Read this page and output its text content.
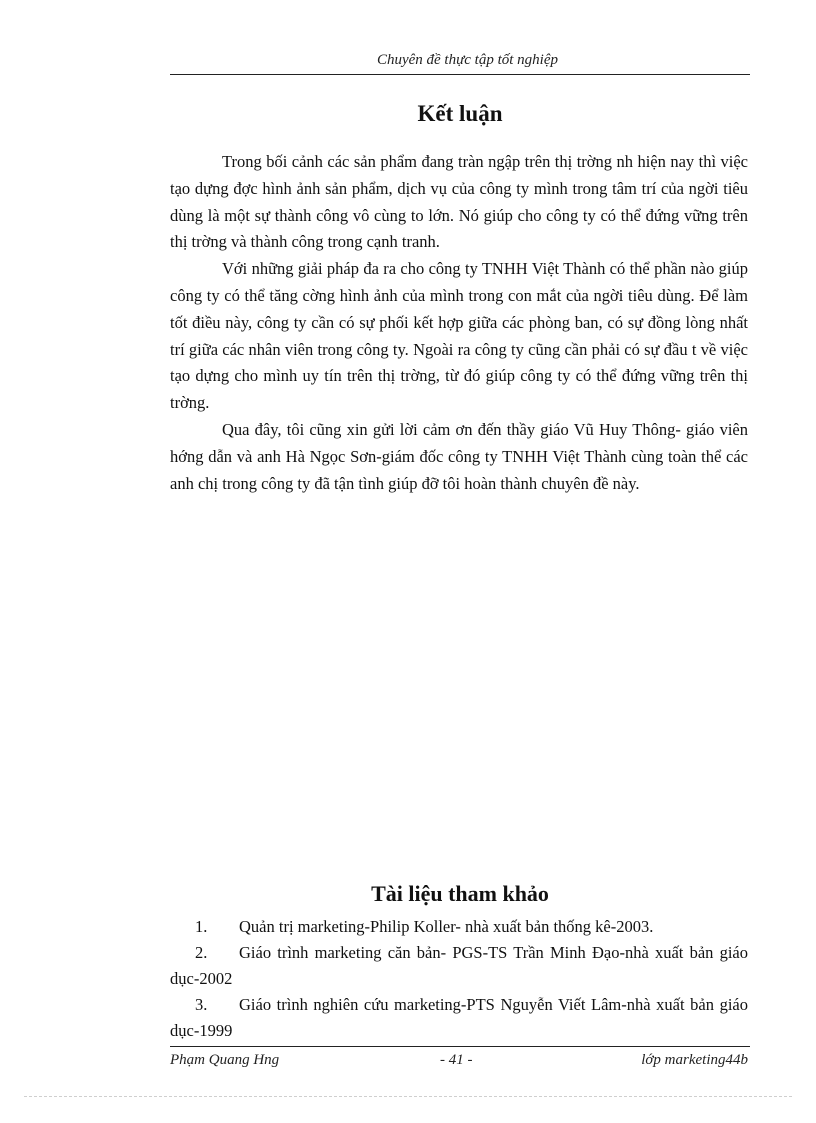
Chuyên đề thực tập tốt nghiệp
Kết luận

Trong bối cảnh các sản phẩm đang tràn ngập trên thị trờng nh hiện nay thì việc tạo dựng đợc hình ảnh sản phẩm, dịch vụ của công ty mình trong tâm trí của ngời tiêu dùng là một sự thành công vô cùng to lớn. Nó giúp cho công ty có thể đứng vững trên thị trờng và thành công trong cạnh tranh.

Với những giải pháp đa ra cho công ty TNHH Việt Thành có thể phần nào giúp công ty có thể tăng cờng hình ảnh của mình trong con mắt của ngời tiêu dùng. Để làm tốt điều này, công ty cần có sự phối kết hợp giữa các phòng ban, có sự đồng lòng nhất trí giữa các nhân viên trong công ty. Ngoài ra công ty cũng cần phải có sự đầu t về việc tạo dựng cho mình uy tín trên thị trờng, từ đó giúp công ty có thể đứng vững trên thị trờng.

Qua đây, tôi cũng xin gửi lời cảm ơn đến thầy giáo Vũ Huy Thông- giáo viên hớng dẫn và anh Hà Ngọc Sơn-giám đốc công ty TNHH Việt Thành cùng toàn thể các anh chị trong công ty đã tận tình giúp đỡ tôi hoàn thành chuyên đề này.

Tài liệu tham khảo

1. Quản trị marketing-Philip Koller- nhà xuất bản thống kê-2003.

2. Giáo trình marketing căn bản- PGS-TS Trần Minh Đạo-nhà xuất bản giáo dục-2002

3. Giáo trình nghiên cứu marketing-PTS Nguyễn Viết Lâm-nhà xuất bản giáo dục-1999

Phạm Quang Hng	- 41 -	lớp marketing44b
